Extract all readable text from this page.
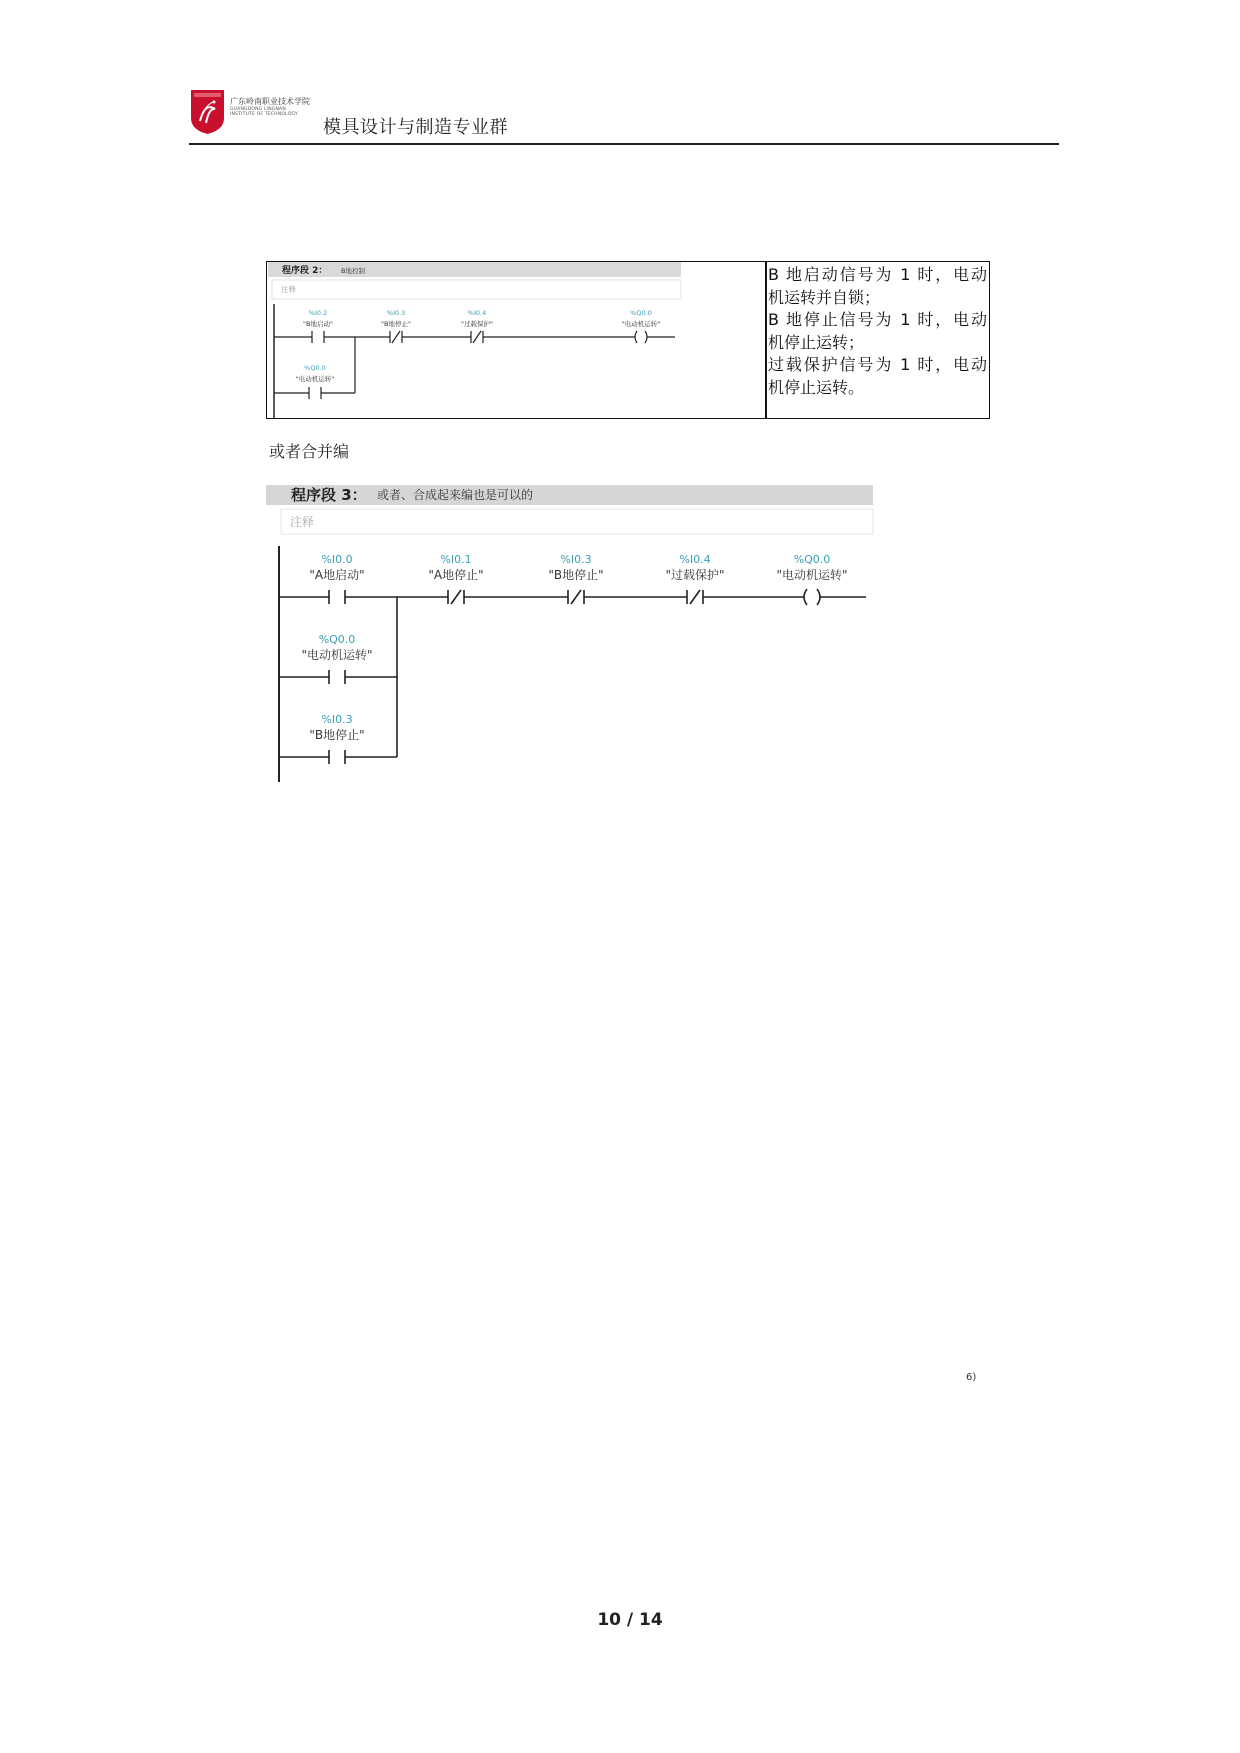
广东岭南职业技术学院
GUANGDONG LINGNAN
INSTITUTE OF TECHNOLOGY
模具设计与制造专业群
程序段 2： B地控制
注释
%I0.2
"B地启动"
%I0.3
"B地停止"
%I0.4
"过载保护"
%Q0.0
"电动机运转"
%Q0.0
"电动机运转"
B 地启动信号为 1 时，电动
机运转并自锁；
B 地停止信号为 1 时，电动
机停止运转；
过载保护信号为 1 时，电动
机停止运转。
或者合并编
程序段 3： 或者、合成起来编也是可以的
注释
%I0.0
"A地启动"
%I0.1
"A地停止"
%I0.3
"B地停止"
%I0.4
"过载保护"
%Q0.0
"电动机运转"
%Q0.0
"电动机运转"
%I0.3
"B地停止"
6)
10 / 14
